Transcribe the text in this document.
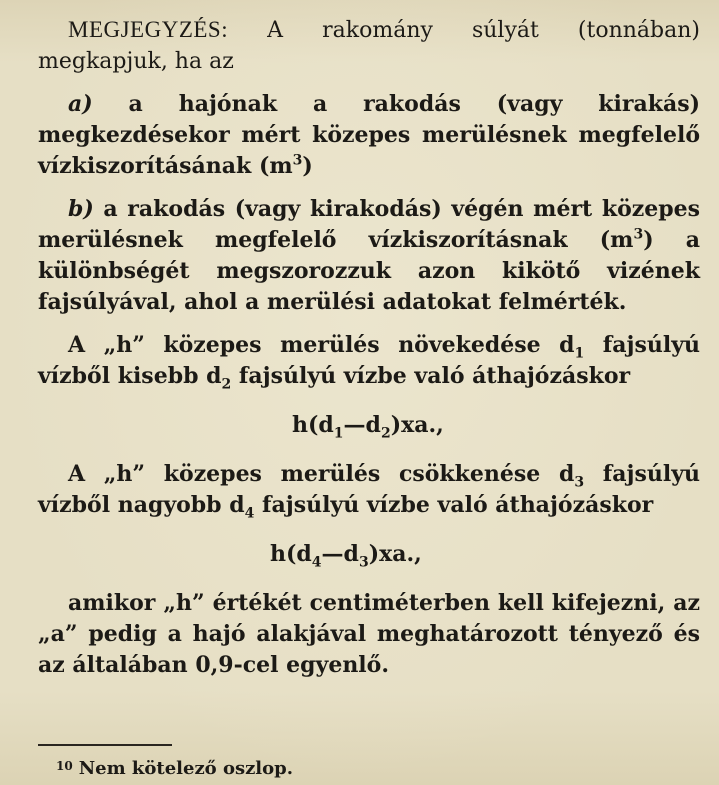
MEGJEGYZÉS: A rakomány súlyát (tonnában) megkapjuk, ha az

a) a hajónak a rakodás (vagy kirakás) megkezdésekor mért közepes merülésnek megfelelő vízkiszorításának $(m^3)$

b) a rakodás (vagy kirakodás) végén mért közepes merülésnek megfelelő vízkiszorításnak $(m^3)$ a különbségét megszorozzuk azon kikötő vizének fajsúlyával, ahol a merülési adatokat felmérték.

A „h” közepes merülés növekedése $d_1$ fajsúlyú vízből kisebb $d_2$ fajsúlyú vízbe való áthajózáskor

$h(d_1—d_2)xa$.,

A „h” közepes merülés csökkenése $d_3$ fajsúlyú vízből nagyobb $d_4$ fajsúlyú vízbe való áthajózáskor

$h(d_4—d_3)xa$.,

amikor „h” értékét centiméterben kell kifejezni, az „a” pedig a hajó alakjával meghatározott tényező és az általában 0,9-cel egyenlő.

$^{10}$ Nem kötelező oszlop.
